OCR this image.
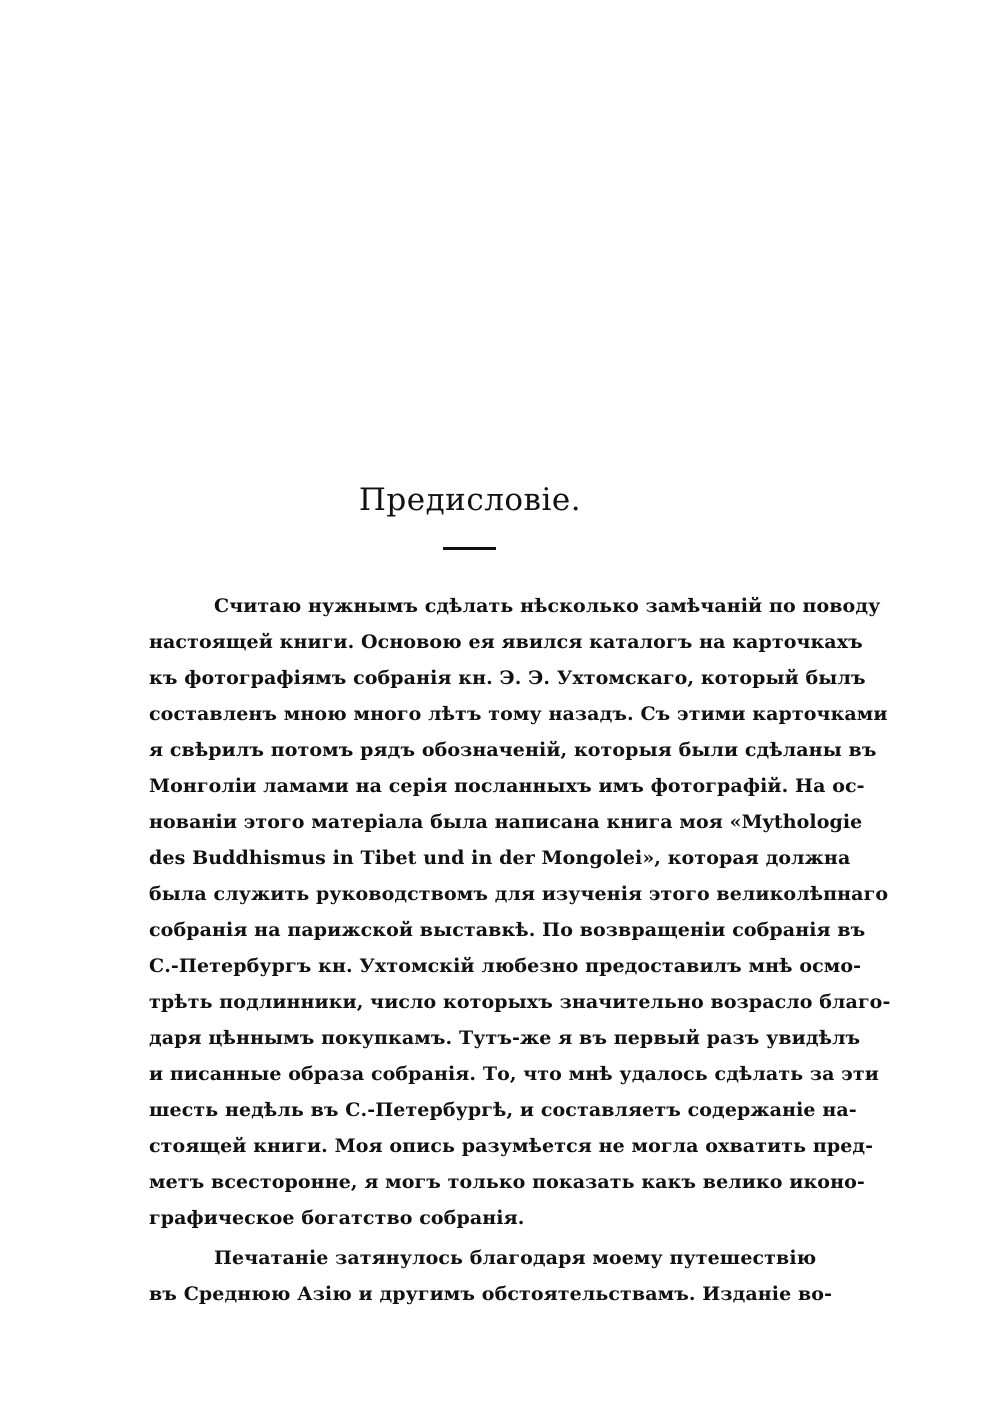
Предисловіе.
Считаю нужнымъ сдѣлать нѣсколько замѣчаній по поводу
настоящей книги. Основою ея явился каталогъ на карточкахъ
къ фотографіямъ собранія кн. Э. Э. Ухтомскаго, который былъ
составленъ мною много лѣтъ тому назадъ. Съ этими карточками
я свѣрилъ потомъ рядъ обозначеній, которыя были сдѣланы въ
Монголіи ламами на серія посланныхъ имъ фотографій. На ос-
нованіи этого матеріала была написана книга моя «Mythologie
des Buddhismus in Tibet und in der Mongolei», которая должна
была служить руководствомъ для изученія этого великолѣпнаго
собранія на парижской выставкѣ. По возвращеніи собранія въ
С.-Петербургъ кн. Ухтомскій любезно предоставилъ мнѣ осмо-
трѣть подлинники, число которыхъ значительно возрасло благо-
даря цѣннымъ покупкамъ. Тутъ-же я въ первый разъ увидѣлъ
и писанные образа собранія. То, что мнѣ удалось сдѣлать за эти
шесть недѣль въ С.-Петербургѣ, и составляетъ содержаніе на-
стоящей книги. Моя опись разумѣется не могла охватить пред-
метъ всесторонне, я могъ только показать какъ велико иконо-
графическое богатство собранія.
Печатаніе затянулось благодаря моему путешествію
въ Среднюю Азію и другимъ обстоятельствамъ. Изданіе во-
